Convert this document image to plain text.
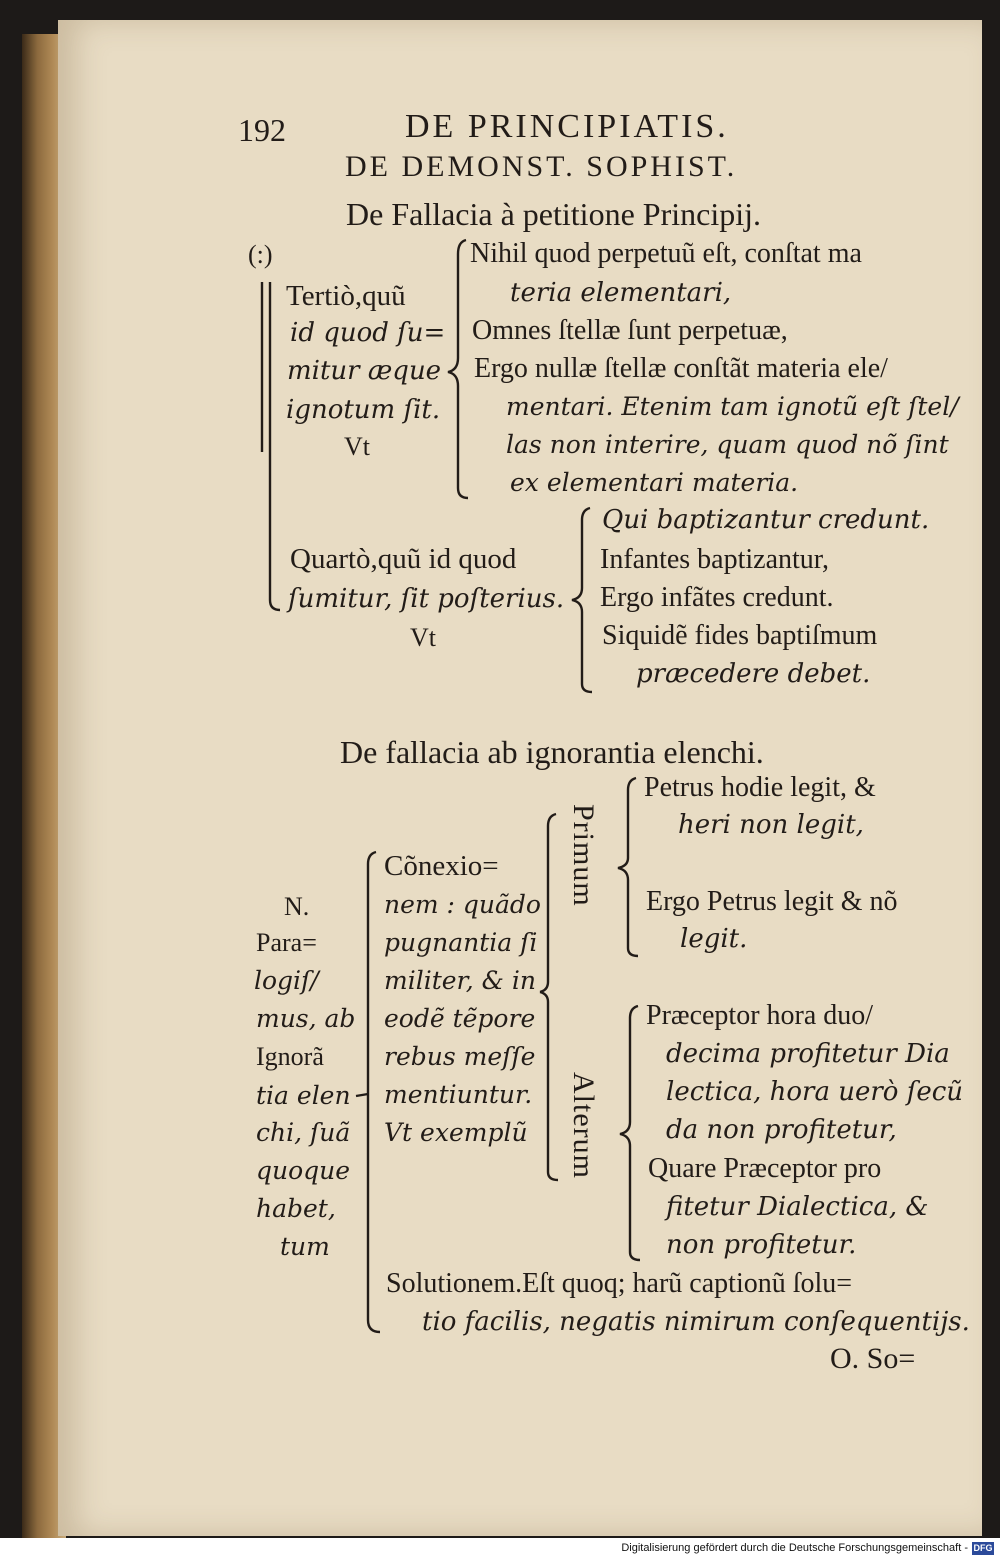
192	DE PRINCIPIATIS.
DE DEMONST. SOPHIST.
De Fallacia à petitione Principij.
(:)
Tertiò,quũ
id quod ſu=
mitur æque
ignotum ſit.
Vt
Nihil quod perpetuũ eſt, conſtat ma
teria elementari,
Omnes ſtellæ ſunt perpetuæ,
Ergo nullæ ſtellæ conſtãt materia ele/
mentari. Etenim tam ignotũ eſt ſtel/
las non interire, quam quod nõ ſint
ex elementari materia.
Quartò,quũ id quod
ſumitur, ſit poſterius.
Vt
Qui baptizantur credunt.
Infantes baptizantur,
Ergo infãtes credunt.
Siquidẽ fides baptiſmum
præcedere debet.
De fallacia ab ignorantia elenchi.
N.
Para=
logiſ/
mus, ab
Ignorã
tia elen
chi, ſuã
quoque
habet,
tum
Cõnexio=
nem : quãdo
pugnantia ſi
militer, & in
eodẽ tẽpore
rebus meſſe
mentiuntur.
Vt exemplũ
Primum
Alterum
Petrus hodie legit, &
heri non legit,
Ergo Petrus legit & nõ
legit.
Præceptor hora duo/
decima profitetur Dia
lectica, hora uerò ſecũ
da non profitetur,
Quare Præceptor pro
fitetur Dialectica, &
non profitetur.
Solutionem.Eſt quoq; harũ captionũ ſolu=
tio facilis, negatis nimirum conſequentijs.
O. So=
Digitalisierung gefördert durch die Deutsche Forschungsgemeinschaft - DFG
